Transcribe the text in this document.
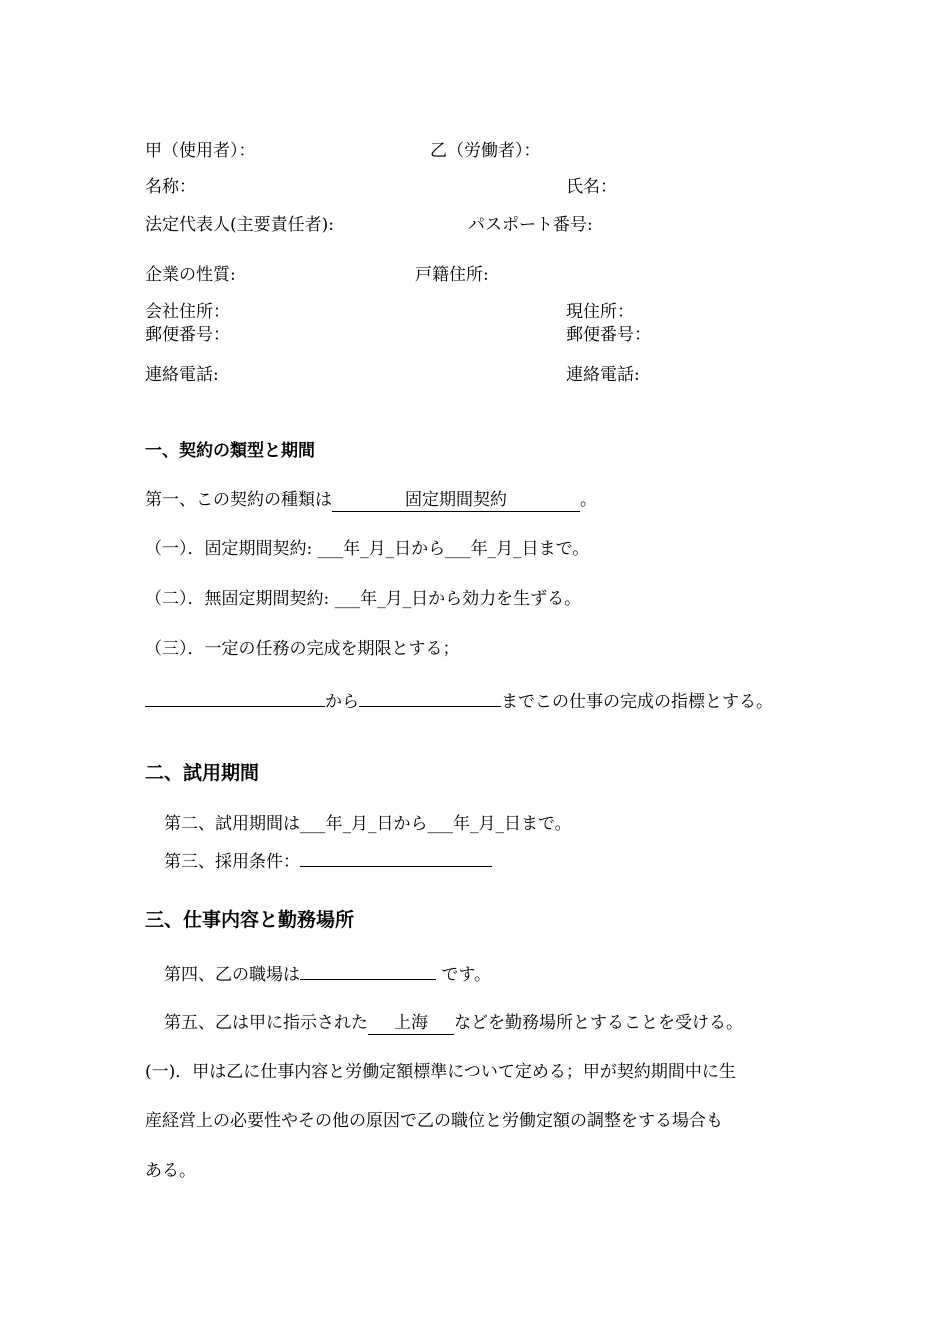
甲（使用者）：	乙（労働者）：
名称：	氏名：
法定代表人(主要責任者):	パスポート番号:
企業の性質:	戸籍住所:
会社住所：	現住所：
郵便番号：	郵便番号：
連絡電話:	連絡電話:
一、契約の類型と期間
第一、この契約の種類は	固定期間契約	。
（一）．固定期間契約: ___年_月_日から___年_月_日まで。
（二）．無固定期間契約: ___年_月_日から効力を生ずる。
（三）．一定の任務の完成を期限とする；
から	までこの仕事の完成の指標とする。
二、試用期間
第二、試用期間は___年_月_日から___年_月_日まで。
第三、採用条件：
三、仕事内容と勤務場所
第四、乙の職場は	です。
第五、乙は甲に指示された 上海 などを勤務場所とすることを受ける。
(一)．甲は乙に仕事内容と労働定額標準について定める；甲が契約期間中に生
産経営上の必要性やその他の原因で乙の職位と労働定額の調整をする場合も
ある。
